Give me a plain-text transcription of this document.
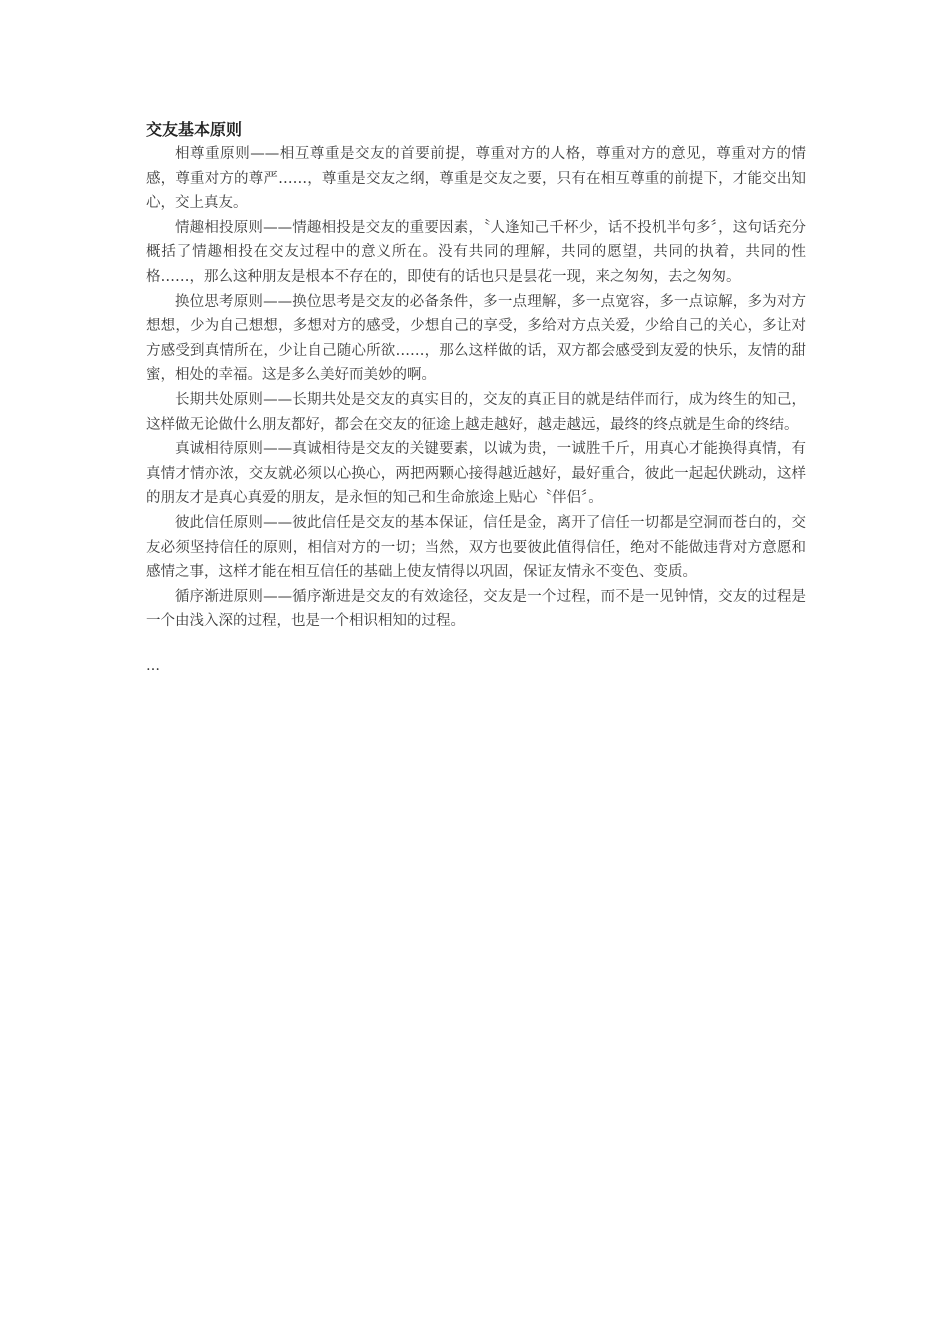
交友基本原则

相尊重原则——相互尊重是交友的首要前提，尊重对方的人格，尊重对方的意见，尊重对方的情感，尊重对方的尊严……，尊重是交友之纲，尊重是交友之要，只有在相互尊重的前提下，才能交出知心，交上真友。

情趣相投原则——情趣相投是交友的重要因素，〝人逢知己千杯少，话不投机半句多〞，这句话充分概括了情趣相投在交友过程中的意义所在。没有共同的理解，共同的愿望，共同的执着，共同的性格……，那么这种朋友是根本不存在的，即使有的话也只是昙花一现，来之匆匆，去之匆匆。

换位思考原则——换位思考是交友的必备条件，多一点理解，多一点宽容，多一点谅解，多为对方想想，少为自己想想，多想对方的感受，少想自己的享受，多给对方点关爱，少给自己的关心，多让对方感受到真情所在，少让自己随心所欲……，那么这样做的话，双方都会感受到友爱的快乐，友情的甜蜜，相处的幸福。这是多么美好而美妙的啊。

长期共处原则——长期共处是交友的真实目的，交友的真正目的就是结伴而行，成为终生的知己，这样做无论做什么朋友都好，都会在交友的征途上越走越好，越走越远，最终的终点就是生命的终结。

真诚相待原则——真诚相待是交友的关键要素，以诚为贵，一诚胜千斤，用真心才能换得真情，有真情才情亦浓，交友就必须以心换心，两把两颗心接得越近越好，最好重合，彼此一起起伏跳动，这样的朋友才是真心真爱的朋友，是永恒的知己和生命旅途上贴心〝伴侣〞。

彼此信任原则——彼此信任是交友的基本保证，信任是金，离开了信任一切都是空洞而苍白的，交友必须坚持信任的原则，相信对方的一切；当然，双方也要彼此值得信任，绝对不能做违背对方意愿和感情之事，这样才能在相互信任的基础上使友情得以巩固，保证友情永不变色、变质。

循序渐进原则——循序渐进是交友的有效途径，交友是一个过程，而不是一见钟情，交友的过程是一个由浅入深的过程，也是一个相识相知的过程。

…
